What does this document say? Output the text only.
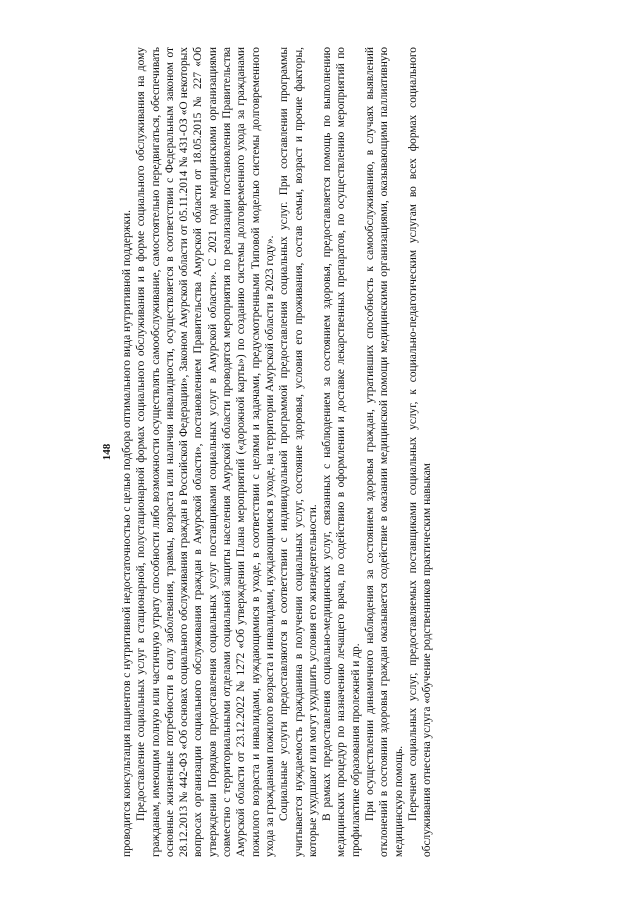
148 проводится консультация пациентов с нутритивной недостаточностью с целью подбора оптимального вида нутритивной поддержки. Предоставление социальных услуг в стационарной, полустационарной формах социального обслуживания и в форме социального обслуживания на дому гражданам, имеющим полную или частичную утрату способности либо возможности осуществлять самообслуживание, самостоятельно передвигаться, обеспечивать основные жизненные потребности в силу заболевания, травмы, возраста или наличия инвалидности, осуществляется в соответствии с Федеральным законом от 28.12.2013 № 442-ФЗ «Об основах социального обслуживания граждан в Российской Федерации», Законом Амурской области от 05.11.2014 № 431-ОЗ «О некоторых вопросах организации социального обслуживания граждан в Амурской области», постановлением Правительства Амурской области от 18.05.2015 № 227 «Об утверждении Порядков предоставления социальных услуг поставщиками социальных услуг в Амурской области». С 2021 года медицинскими организациями совместно с территориальными отделами социальной защиты населения Амурской области проводятся мероприятия по реализации постановления Правительства Амурской области от 23.12.2022 № 1272 «Об утверждении Плана мероприятий («дорожной карты») по созданию системы долговременного ухода за гражданами пожилого возраста и инвалидами, нуждающимися в уходе, в соответствии с целями и задачами, предусмотренными Типовой моделью системы долговременного ухода за гражданами пожилого возраста и инвалидами, нуждающимися в уходе, на территории Амурской области в 2023 году». Социальные услуги предоставляются в соответствии с индивидуальной программой предоставления социальных услуг. При составлении программы учитывается нуждаемость гражданина в получении социальных услуг, состояние здоровья, условия его проживания, состав семьи, возраст и прочие факторы, которые ухудшают или могут ухудшить условия его жизнедеятельности. В рамках предоставления социально-медицинских услуг, связанных с наблюдением за состоянием здоровья, предоставляется помощь по выполнению медицинских процедур по назначению лечащего врача, по содействию в оформлении и доставке лекарственных препаратов, по осуществлению мероприятий по профилактике образования пролежней и др. При осуществлении динамичного наблюдения за состоянием здоровья граждан, утративших способность к самообслуживанию, в случаях выявлений отклонений в состоянии здоровья граждан оказывается содействие в оказании медицинской помощи медицинскими организациями, оказывающими паллиативную медицинскую помощь. Перечнем социальных услуг, предоставляемых поставщиками социальных услуг, к социально-педагогическим услугам во всех формах социального обслуживания отнесена услуга «обучение родственников практическим навыкам
